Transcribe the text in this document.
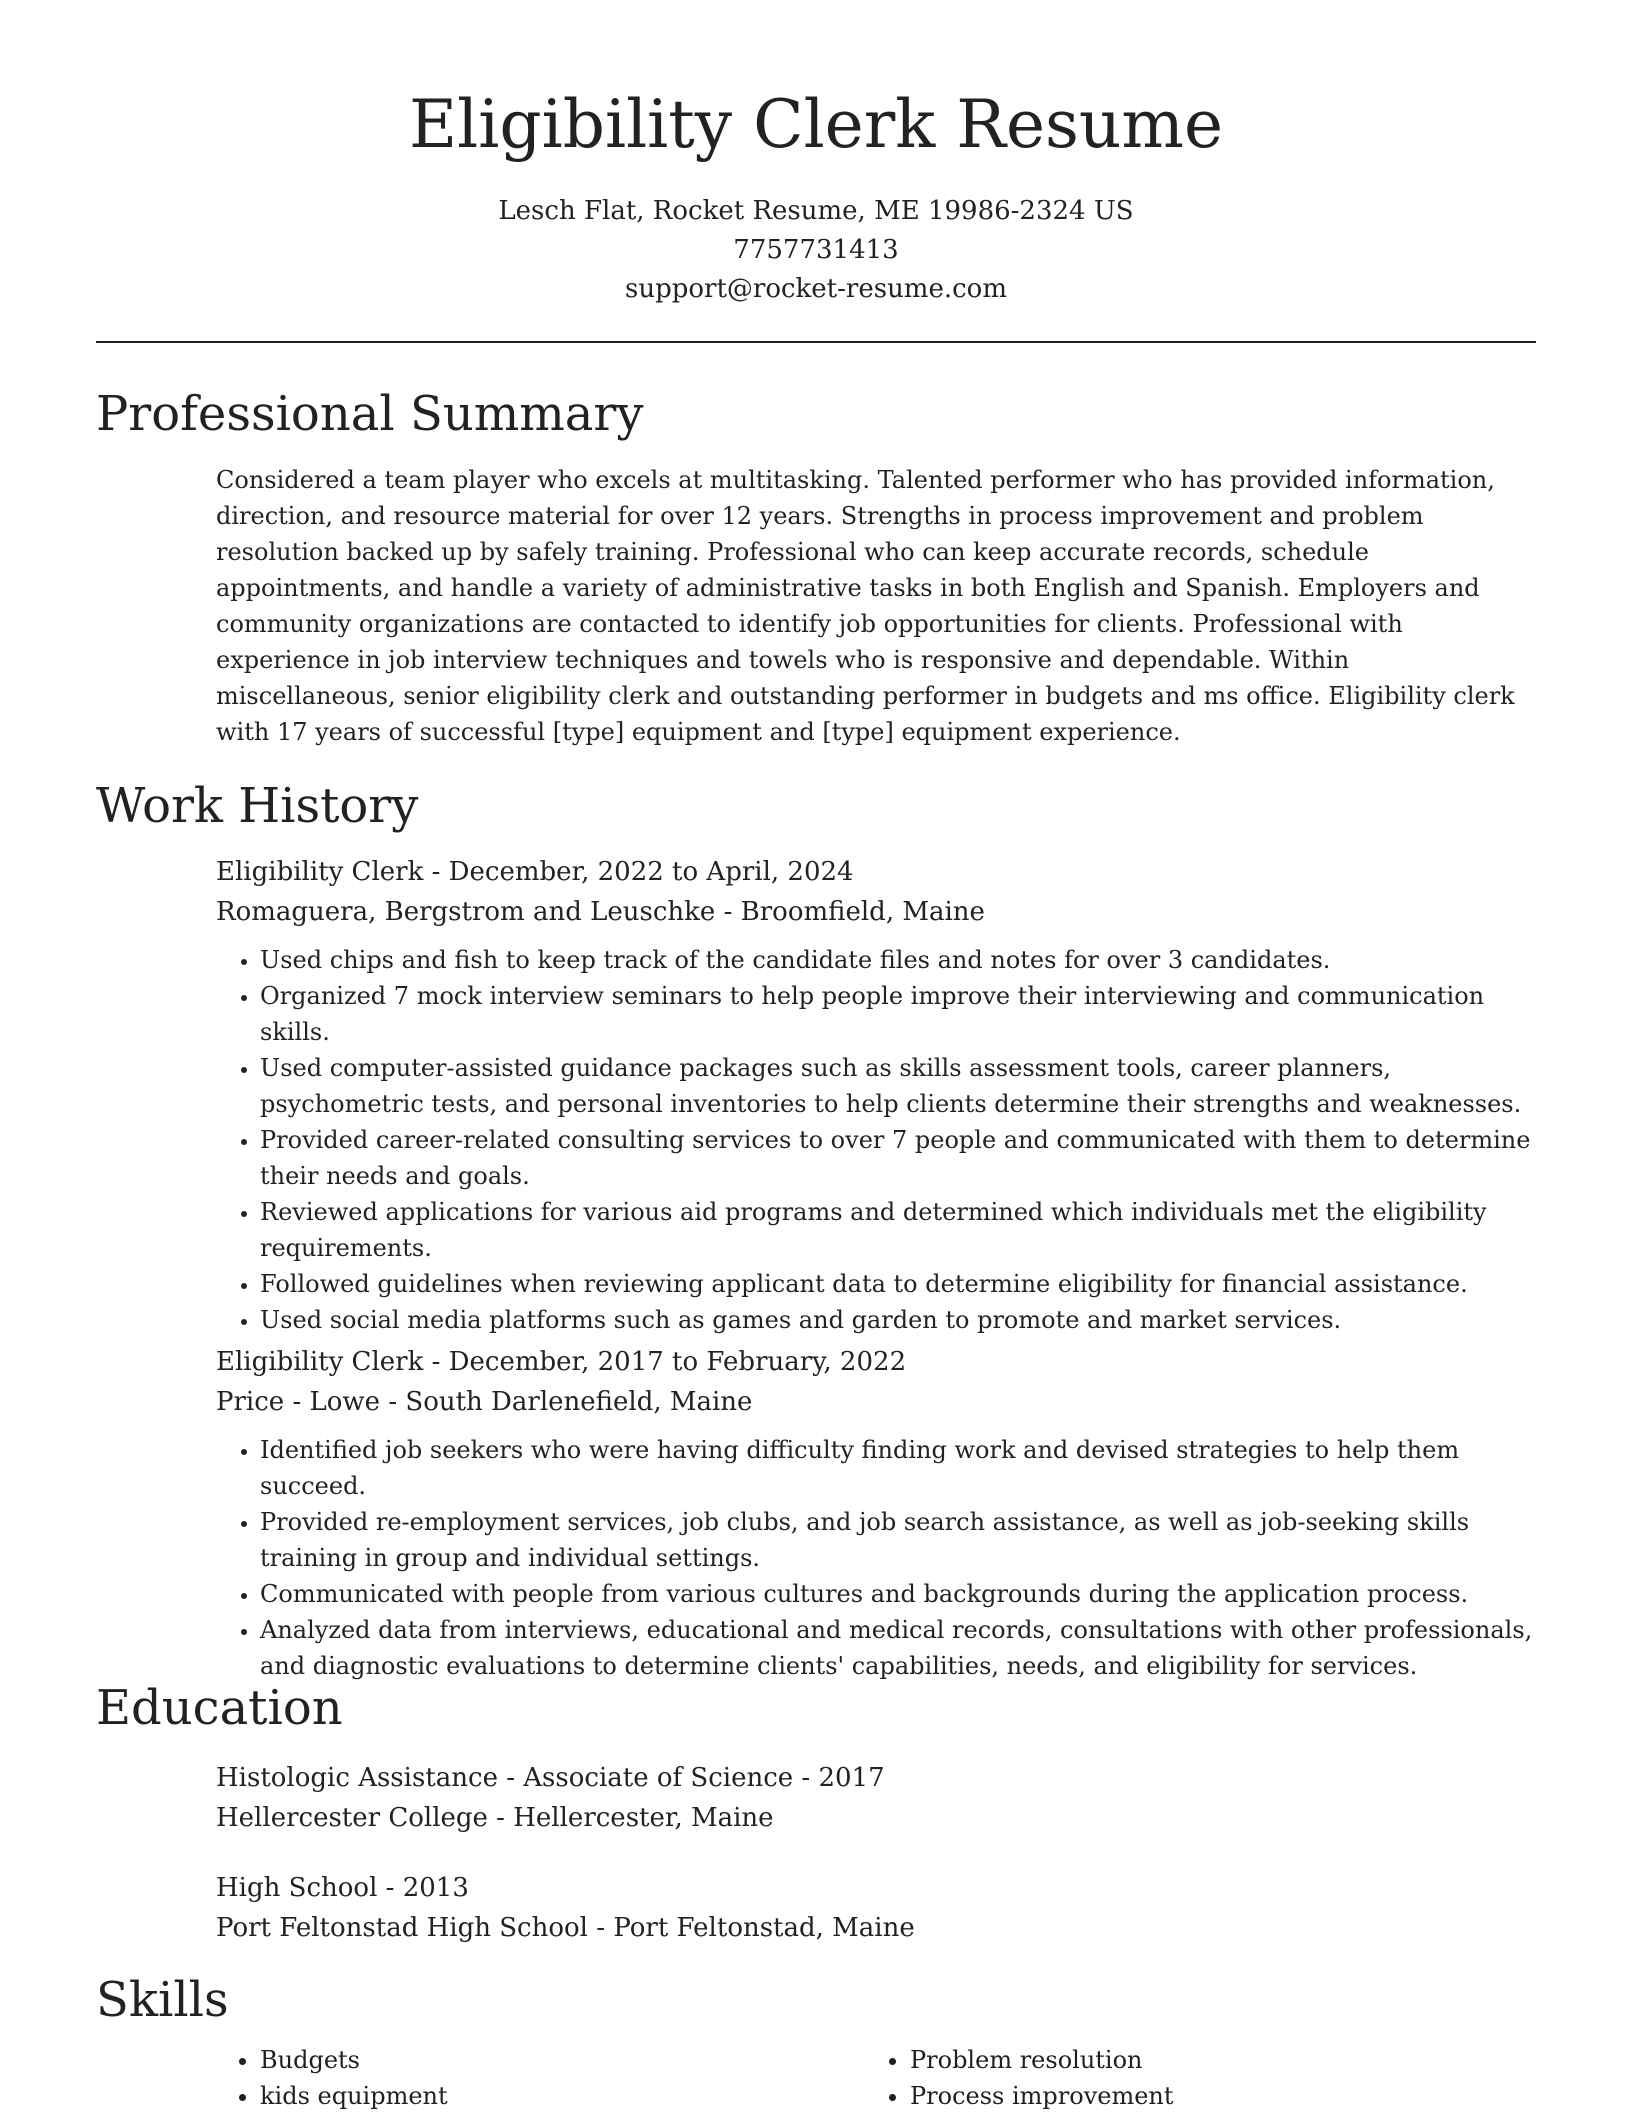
Eligibility Clerk Resume
Lesch Flat, Rocket Resume, ME 19986-2324 US
7757731413
support@rocket-resume.com
Professional Summary

Considered a team player who excels at multitasking. Talented performer who has provided information, direction, and resource material for over 12 years. Strengths in process improvement and problem resolution backed up by safely training. Professional who can keep accurate records, schedule appointments, and handle a variety of administrative tasks in both English and Spanish. Employers and community organizations are contacted to identify job opportunities for clients. Professional with experience in job interview techniques and towels who is responsive and dependable. Within miscellaneous, senior eligibility clerk and outstanding performer in budgets and ms office. Eligibility clerk with 17 years of successful [type] equipment and [type] equipment experience.

Work History
Eligibility Clerk - December, 2022 to April, 2024
Romaguera, Bergstrom and Leuschke - Broomfield, Maine
• Used chips and fish to keep track of the candidate files and notes for over 3 candidates.
• Organized 7 mock interview seminars to help people improve their interviewing and communication skills.
• Used computer-assisted guidance packages such as skills assessment tools, career planners, psychometric tests, and personal inventories to help clients determine their strengths and weaknesses.
• Provided career-related consulting services to over 7 people and communicated with them to determine their needs and goals.
• Reviewed applications for various aid programs and determined which individuals met the eligibility requirements.
• Followed guidelines when reviewing applicant data to determine eligibility for financial assistance.
• Used social media platforms such as games and garden to promote and market services.
Eligibility Clerk - December, 2017 to February, 2022
Price - Lowe - South Darlenefield, Maine
• Identified job seekers who were having difficulty finding work and devised strategies to help them succeed.
• Provided re-employment services, job clubs, and job search assistance, as well as job-seeking skills training in group and individual settings.
• Communicated with people from various cultures and backgrounds during the application process.
• Analyzed data from interviews, educational and medical records, consultations with other professionals, and diagnostic evaluations to determine clients' capabilities, needs, and eligibility for services.
Education
Histologic Assistance - Associate of Science - 2017
Hellercester College - Hellercester, Maine
High School - 2013
Port Feltonstad High School - Port Feltonstad, Maine
Skills
• Budgets
• kids equipment
• Problem resolution
• Process improvement
